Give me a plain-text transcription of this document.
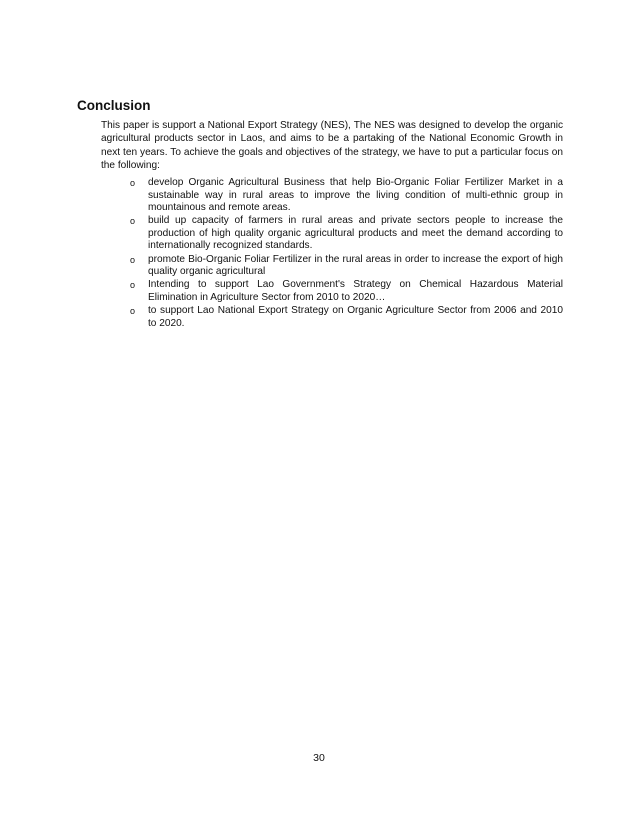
Conclusion

This paper is support a National Export Strategy (NES), The NES was designed to develop the organic agricultural products sector in Laos, and aims to be a partaking of the National Economic Growth in next ten years. To achieve the goals and objectives of the strategy, we have to put a particular focus on the following:

o	develop Organic Agricultural Business that help Bio-Organic Foliar Fertilizer Market in a sustainable way in rural areas to improve the living condition of multi-ethnic group in mountainous and remote areas.
o	build up capacity of farmers in rural areas and private sectors people to increase the production of high quality organic agricultural products and meet the demand according to internationally recognized standards.
o	promote Bio-Organic Foliar Fertilizer in the rural areas in order to increase the export of high quality organic agricultural
o	Intending to support Lao Government's Strategy on Chemical Hazardous Material Elimination in Agriculture Sector from 2010 to 2020…
o	to support Lao National Export Strategy on Organic Agriculture Sector from 2006 and 2010 to 2020.
30
